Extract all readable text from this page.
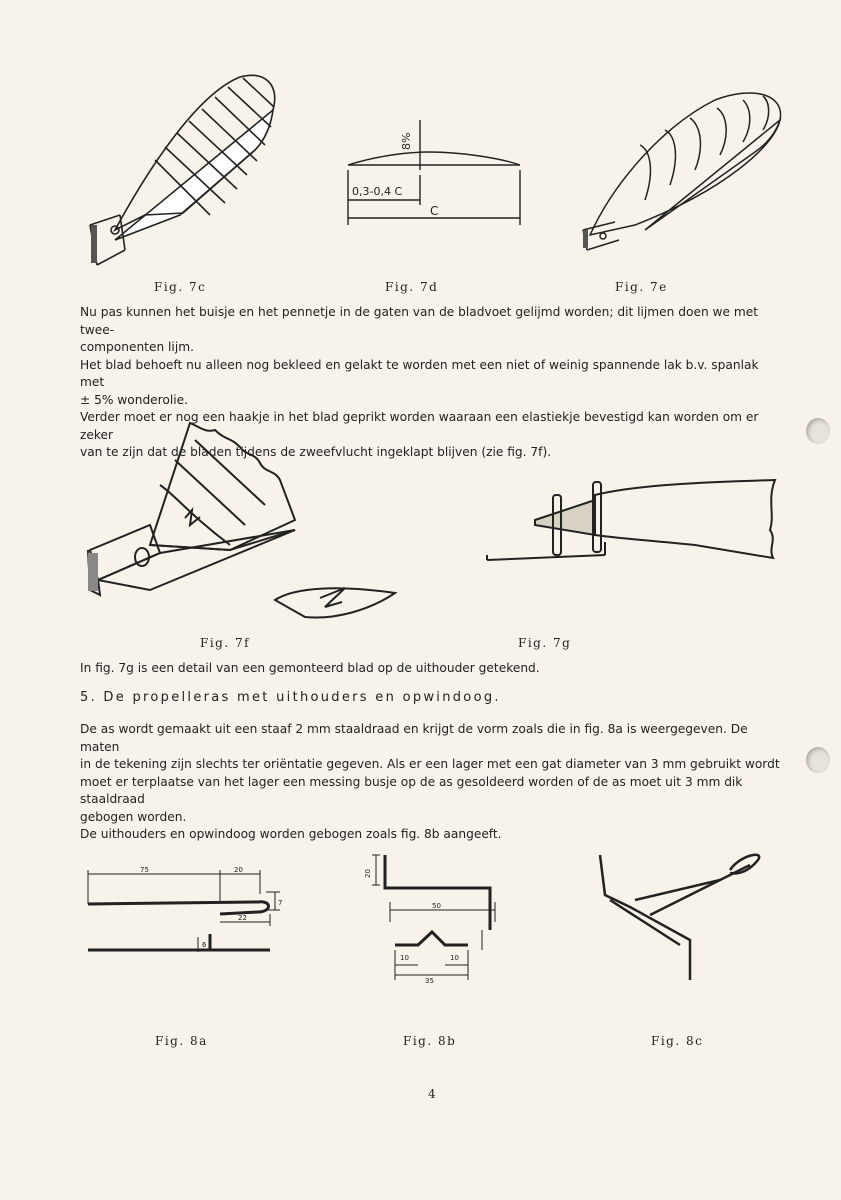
8%
0,3-0,4 C
C
Fig. 7c	Fig. 7d	Fig. 7e

Nu pas kunnen het buisje en het pennetje in de gaten van de bladvoet gelijmd worden; dit lijmen doen we met twee-

componenten lijm.

Het blad behoeft nu alleen nog bekleed en gelakt te worden met een niet of weinig spannende lak b.v. spanlak met

± 5% wonderolie.

Verder moet er nog een haakje in het blad geprikt worden waaraan een elastiekje bevestigd kan worden om er zeker

van te zijn dat de bladen tijdens de zweefvlucht ingeklapt blijven (zie fig. 7f).

Fig. 7f	Fig. 7g

In fig. 7g is een detail van een gemonteerd blad op de uithouder getekend.

5. De propelleras met uithouders en opwindoog.

De as wordt gemaakt uit een staaf 2 mm staaldraad en krijgt de vorm zoals die in fig. 8a is weergegeven. De maten

in de tekening zijn slechts ter oriëntatie gegeven. Als er een lager met een gat diameter van 3 mm gebruikt wordt

moet er terplaatse van het lager een messing busje op de as gesoldeerd worden of de as moet uit 3 mm dik staaldraad

gebogen worden.

De uithouders en opwindoog worden gebogen zoals fig. 8b aangeeft.

75	20
7
22
6
20
50
10	10
35
Fig. 8a	Fig. 8b	Fig. 8c
4
